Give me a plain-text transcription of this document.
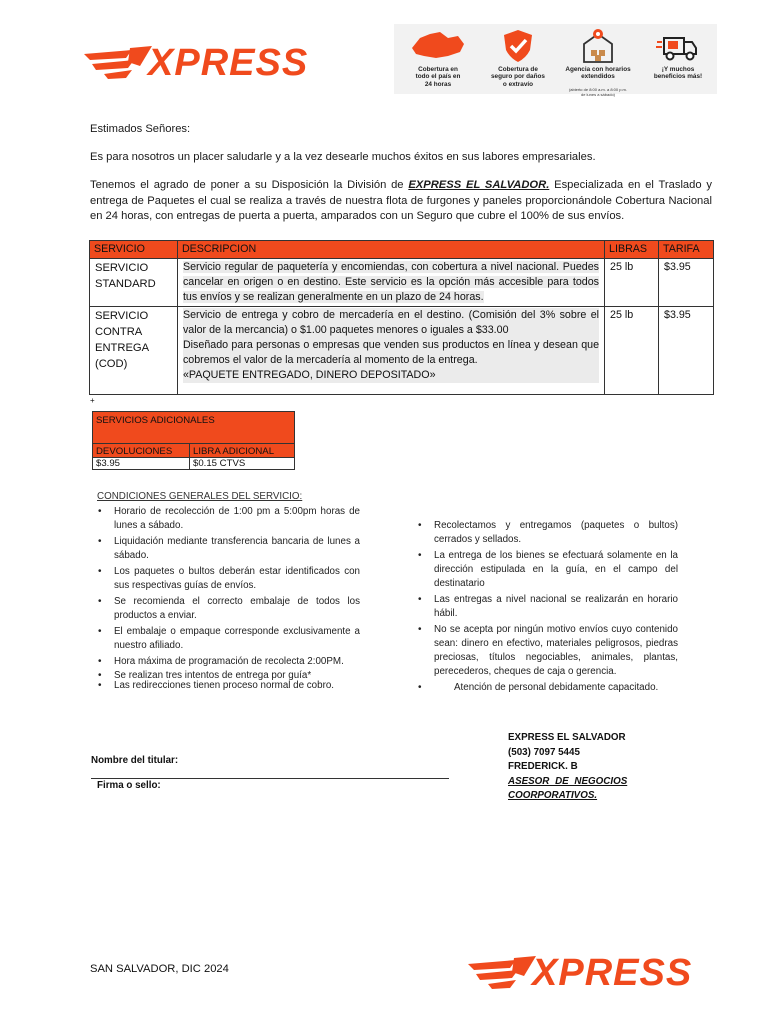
XPRESS	Cobertura en
todo el país en
24 horas
Cobertura de
seguro por daños
o extravío
Agencia con horarios
extendidos
(abierto de 8:00 a.m. a 8:00 p.m.
de lunes a sábado)
¡Y muchos
beneficios más!
Estimados Señores:
Es para nosotros un placer saludarle y a la vez desearle muchos éxitos en sus labores empresariales.
Tenemos el agrado de poner a su Disposición la División de EXPRESS EL SALVADOR. Especializada en el Traslado y entrega de Paquetes el cual se realiza a través de nuestra flota de furgones y paneles proporcionándole Cobertura Nacional en 24 horas, con entregas de puerta a puerta, amparados con un Seguro que cubre el 100% de sus envíos.
SERVICIO	DESCRIPCION	LIBRAS	TARIFA
SERVICIO STANDARD	Servicio regular de paquetería y encomiendas, con cobertura a nivel nacional. Puedes cancelar en origen o en destino. Este servicio es la opción más accesible para todos tus envíos y se realizan generalmente en un plazo de 24 horas.	25 lb	$3.95
SERVICIO CONTRA ENTREGA (COD)	Servicio de entrega y cobro de mercadería en el destino. (Comisión del 3% sobre el valor de la mercancia) o $1.00 paquetes menores o iguales a $33.00
Diseñado para personas o empresas que venden sus productos en línea y desean que cobremos el valor de la mercadería al momento de la entrega.
«PAQUETE ENTREGADO, DINERO DEPOSITADO»	25 lb	$3.95
+
SERVICIOS ADICIONALES	
DEVOLUCIONES	LIBRA ADICIONAL
$3.95	$0.15 CTVS
CONDICIONES GENERALES DEL SERVICIO:
• Horario de recolección de 1:00 pm a 5:00pm horas de lunes a sábado.
• Liquidación mediante transferencia bancaria de lunes a sábado.
• Los paquetes o bultos deberán estar identificados con sus respectivas guías de envíos.
• Se recomienda el correcto embalaje de todos los productos a enviar.
• El embalaje o empaque corresponde exclusivamente a nuestro afiliado.
• Hora máxima de programación de recolecta 2:00PM.
• Se realizan tres intentos de entrega por guía*
• Las redirecciones tienen proceso normal de cobro.
• Recolectamos y entregamos (paquetes o bultos) cerrados y sellados.
• La entrega de los bienes se efectuará solamente en la dirección estipulada en la guía, en el campo del destinatario
• Las entregas a nivel nacional se realizarán en horario hábil.
• No se acepta por ningún motivo envíos cuyo contenido sean: dinero en efectivo, materiales peligrosos, piedras preciosas, títulos negociables, animales, plantas, perecederos, cheques de caja o gerencia.
• Atención de personal debidamente capacitado.
EXPRESS EL SALVADOR
(503) 7097 5445
FREDERICK. B
ASESOR DE NEGOCIOS
COORPORATIVOS.
Nombre del titular:
Firma o sello:
SAN SALVADOR, DIC 2024	XPRESS
